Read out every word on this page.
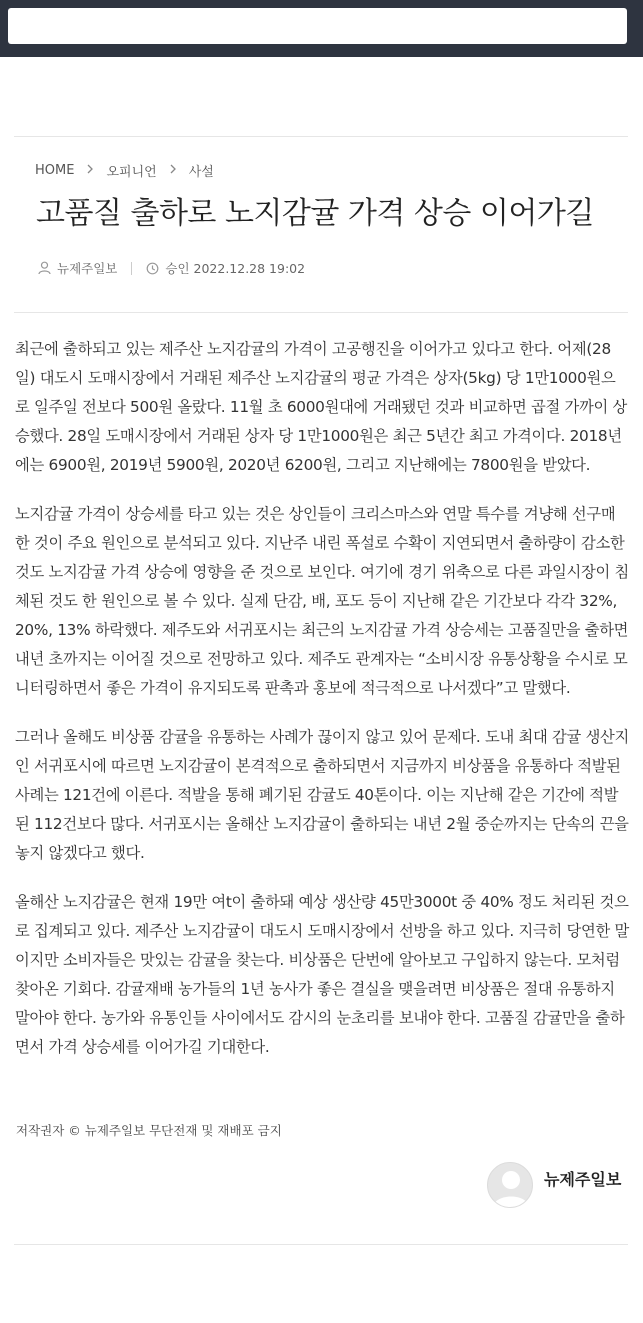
HOME 오피니언 사설
고품질 출하로 노지감귤 가격 상승 이어가길
뉴제주일보	승인 2022.12.28 19:02

최근에 출하되고 있는 제주산 노지감귤의 가격이 고공행진을 이어가고 있다고 한다. 어제(28일) 대도시 도매시장에서 거래된 제주산 노지감귤의 평균 가격은 상자(5kg) 당 1만1000원으로 일주일 전보다 500원 올랐다. 11월 초 6000원대에 거래됐던 것과 비교하면 곱절 가까이 상승했다. 28일 도매시장에서 거래된 상자 당 1만1000원은 최근 5년간 최고 가격이다. 2018년에는 6900원, 2019년 5900원, 2020년 6200원, 그리고 지난해에는 7800원을 받았다.

노지감귤 가격이 상승세를 타고 있는 것은 상인들이 크리스마스와 연말 특수를 겨냥해 선구매한 것이 주요 원인으로 분석되고 있다. 지난주 내린 폭설로 수확이 지연되면서 출하량이 감소한 것도 노지감귤 가격 상승에 영향을 준 것으로 보인다. 여기에 경기 위축으로 다른 과일시장이 침체된 것도 한 원인으로 볼 수 있다. 실제 단감, 배, 포도 등이 지난해 같은 기간보다 각각 32%, 20%, 13% 하락했다. 제주도와 서귀포시는 최근의 노지감귤 가격 상승세는 고품질만을 출하면 내년 초까지는 이어질 것으로 전망하고 있다. 제주도 관계자는 “소비시장 유통상황을 수시로 모니터링하면서 좋은 가격이 유지되도록 판촉과 홍보에 적극적으로 나서겠다”고 말했다.

그러나 올해도 비상품 감귤을 유통하는 사례가 끊이지 않고 있어 문제다. 도내 최대 감귤 생산지인 서귀포시에 따르면 노지감귤이 본격적으로 출하되면서 지금까지 비상품을 유통하다 적발된 사례는 121건에 이른다. 적발을 통해 폐기된 감귤도 40톤이다. 이는 지난해 같은 기간에 적발된 112건보다 많다. 서귀포시는 올해산 노지감귤이 출하되는 내년 2월 중순까지는 단속의 끈을 놓지 않겠다고 했다.

올해산 노지감귤은 현재 19만 여t이 출하돼 예상 생산량 45만3000t 중 40% 정도 처리된 것으로 집계되고 있다. 제주산 노지감귤이 대도시 도매시장에서 선방을 하고 있다. 지극히 당연한 말이지만 소비자들은 맛있는 감귤을 찾는다. 비상품은 단번에 알아보고 구입하지 않는다. 모처럼 찾아온 기회다. 감귤재배 농가들의 1년 농사가 좋은 결실을 맺을려면 비상품은 절대 유통하지 말아야 한다. 농가와 유통인들 사이에서도 감시의 눈초리를 보내야 한다. 고품질 감귤만을 출하면서 가격 상승세를 이어가길 기대한다.

저작권자 © 뉴제주일보 무단전재 및 재배포 금지
뉴제주일보
